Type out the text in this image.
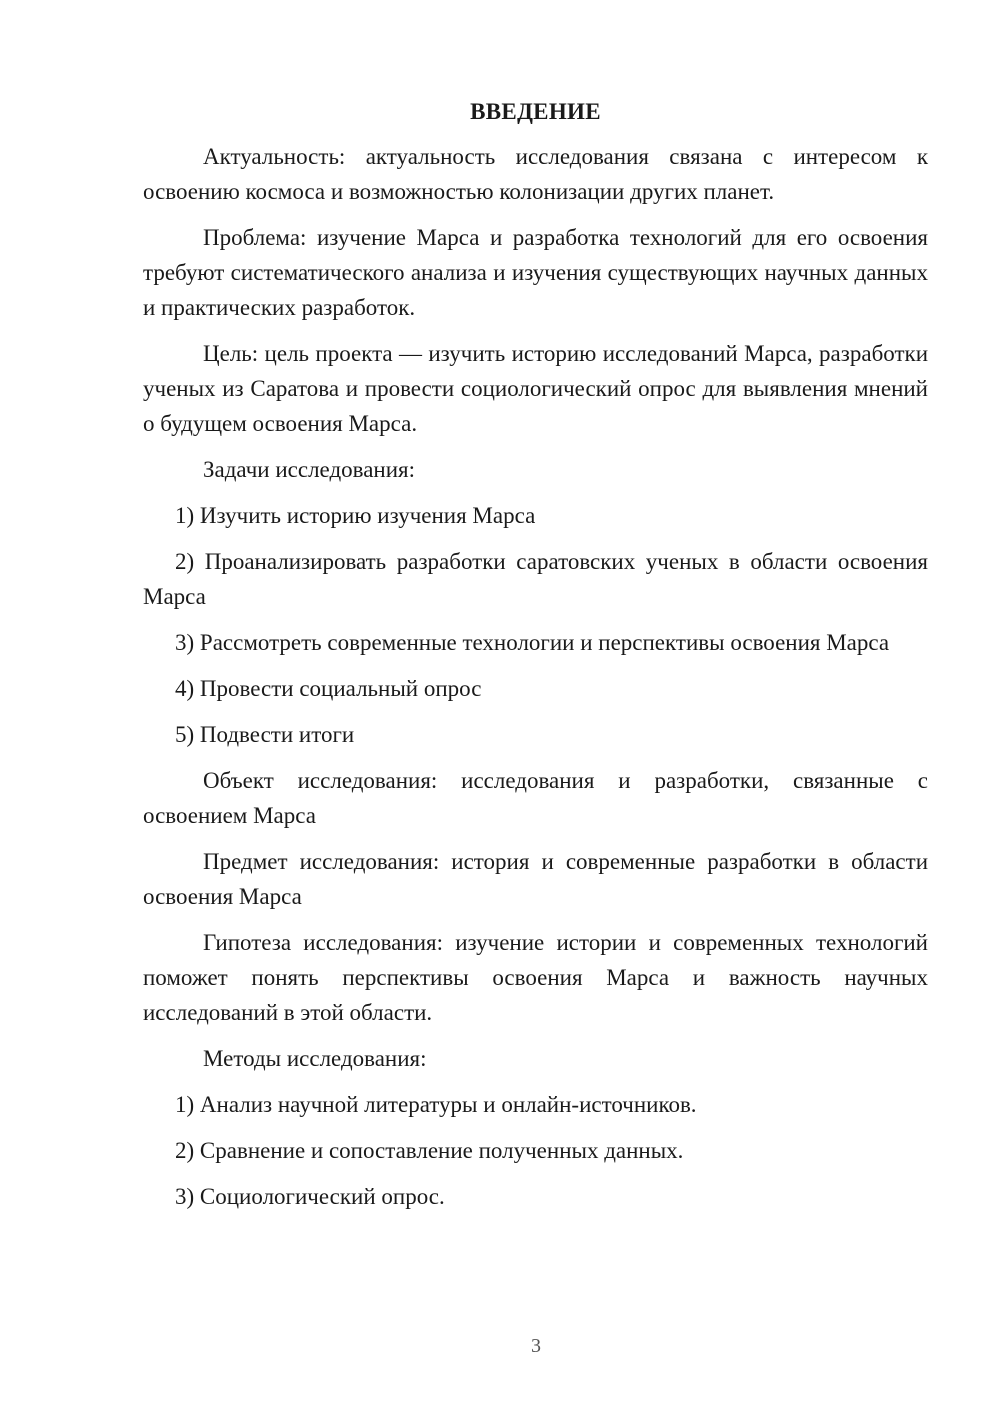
ВВЕДЕНИЕ

Актуальность: актуальность исследования связана с интересом к освоению космоса и возможностью колонизации других планет.

Проблема: изучение Марса и разработка технологий для его освоения требуют систематического анализа и изучения существующих научных данных и практических разработок.

Цель: цель проекта — изучить историю исследований Марса, разработки ученых из Саратова и провести социологический опрос для выявления мнений о будущем освоения Марса.

Задачи исследования:

1) Изучить историю изучения Марса

2) Проанализировать разработки саратовских ученых в области освоения Марса

3) Рассмотреть современные технологии и перспективы освоения Марса

4) Провести социальный опрос

5) Подвести итоги

Объект исследования: исследования и разработки, связанные с освоением Марса

Предмет исследования: история и современные разработки в области освоения Марса

Гипотеза исследования: изучение истории и современных технологий поможет понять перспективы освоения Марса и важность научных исследований в этой области.

Методы исследования:

1) Анализ научной литературы и онлайн-источников.

2) Сравнение и сопоставление полученных данных.

3) Социологический опрос.

3
